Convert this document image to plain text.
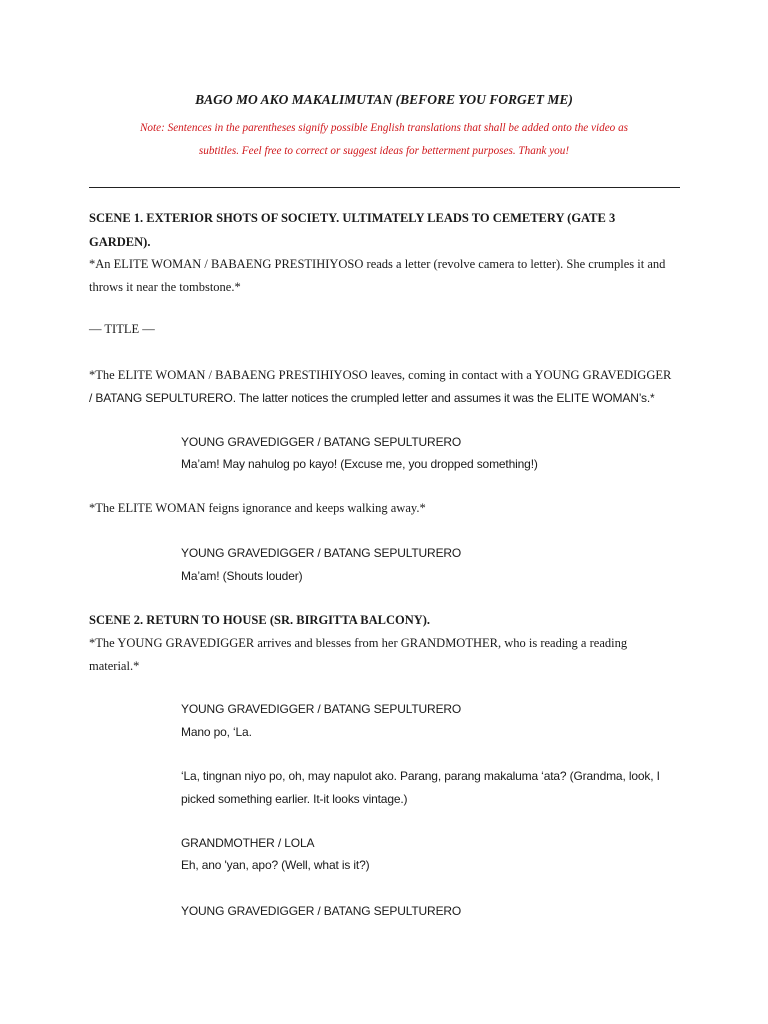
BAGO MO AKO MAKALIMUTAN (BEFORE YOU FORGET ME)
Note: Sentences in the parentheses signify possible English translations that shall be added onto the video as
subtitles. Feel free to correct or suggest ideas for betterment purposes. Thank you!
SCENE 1. EXTERIOR SHOTS OF SOCIETY. ULTIMATELY LEADS TO CEMETERY (GATE 3
GARDEN).
*An ELITE WOMAN / BABAENG PRESTIHIYOSO reads a letter (revolve camera to letter). She crumples it and
throws it near the tombstone.*
— TITLE —
*The ELITE WOMAN / BABAENG PRESTIHIYOSO leaves, coming in contact with a YOUNG GRAVEDIGGER
/ BATANG SEPULTURERO. The latter notices the crumpled letter and assumes it was the ELITE WOMAN’s.*
YOUNG GRAVEDIGGER / BATANG SEPULTURERO
Ma’am! May nahulog po kayo! (Excuse me, you dropped something!)
*The ELITE WOMAN feigns ignorance and keeps walking away.*
YOUNG GRAVEDIGGER / BATANG SEPULTURERO
Ma’am! (Shouts louder)
SCENE 2. RETURN TO HOUSE (SR. BIRGITTA BALCONY).
*The YOUNG GRAVEDIGGER arrives and blesses from her GRANDMOTHER, who is reading a reading
material.*
YOUNG GRAVEDIGGER / BATANG SEPULTURERO
Mano po, ‘La.
‘La, tingnan niyo po, oh, may napulot ako. Parang, parang makaluma ‘ata? (Grandma, look, I
picked something earlier. It-it looks vintage.)
GRANDMOTHER / LOLA
Eh, ano 'yan, apo? (Well, what is it?)
YOUNG GRAVEDIGGER / BATANG SEPULTURERO
